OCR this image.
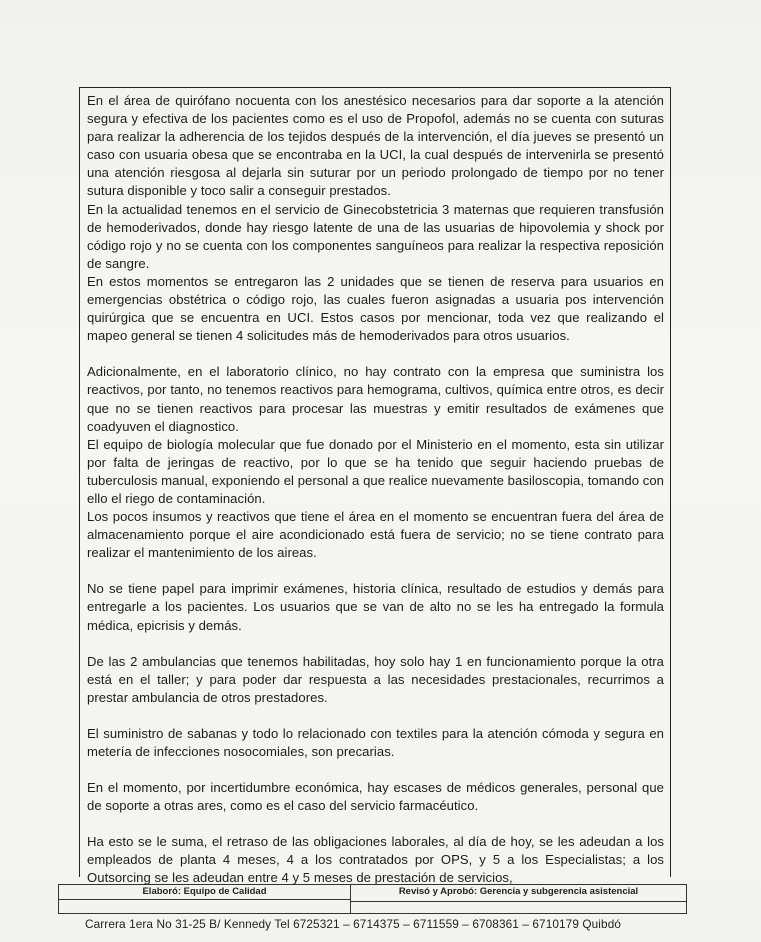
En el área de quirófano nocuenta con los anestésico necesarios para dar soporte a la atención segura y efectiva de los pacientes como es el uso de Propofol, además no se cuenta con suturas para realizar la adherencia de los tejidos después de la intervención, el día jueves se presentó un caso con usuaria obesa que se encontraba en la UCI, la cual después de intervenirla se presentó una atención riesgosa al dejarla sin suturar por un periodo prolongado de tiempo por no tener sutura disponible y toco salir a conseguir prestados.

En la actualidad tenemos en el servicio de Ginecobstetricia 3 maternas que requieren transfusión de hemoderivados, donde hay riesgo latente de una de las usuarias de hipovolemia y shock por código rojo y no se cuenta con los componentes sanguíneos para realizar la respectiva reposición de sangre.

En estos momentos se entregaron las 2 unidades que se tienen de reserva para usuarios en emergencias obstétrica o código rojo, las cuales fueron asignadas a usuaria pos intervención quirúrgica que se encuentra en UCI. Estos casos por mencionar, toda vez que realizando el mapeo general se tienen 4 solicitudes más de hemoderivados para otros usuarios.

Adicionalmente, en el laboratorio clínico, no hay contrato con la empresa que suministra los reactivos, por tanto, no tenemos reactivos para hemograma, cultivos, química entre otros, es decir que no se tienen reactivos para procesar las muestras y emitir resultados de exámenes que coadyuven el diagnostico.

El equipo de biología molecular que fue donado por el Ministerio en el momento, esta sin utilizar por falta de jeringas de reactivo, por lo que se ha tenido que seguir haciendo pruebas de tuberculosis manual, exponiendo el personal a que realice nuevamente basiloscopia, tomando con ello el riego de contaminación.

Los pocos insumos y reactivos que tiene el área en el momento se encuentran fuera del área de almacenamiento porque el aire acondicionado está fuera de servicio; no se tiene contrato para realizar el mantenimiento de los aireas.

No se tiene papel para imprimir exámenes, historia clínica, resultado de estudios y demás para entregarle a los pacientes. Los usuarios que se van de alto no se les ha entregado la formula médica, epicrisis y demás.

De las 2 ambulancias que tenemos habilitadas, hoy solo hay 1 en funcionamiento porque la otra está en el taller; y para poder dar respuesta a las necesidades prestacionales, recurrimos a prestar ambulancia de otros prestadores.

El suministro de sabanas y todo lo relacionado con textiles para la atención cómoda y segura en metería de infecciones nosocomiales, son precarias.

En el momento, por incertidumbre económica, hay escases de médicos generales, personal que de soporte a otras ares, como es el caso del servicio farmacéutico.

Ha esto se le suma, el retraso de las obligaciones laborales, al día de hoy, se les adeudan a los empleados de planta 4 meses, 4 a los contratados por OPS, y 5 a los Especialistas; a los Outsorcing se les adeudan entre 4 y 5 meses de prestación de servicios,

Elaboró: Equipo de Calidad	Revisó y Aprobó: Gerencia y subgerencia asistencial
Carrera 1era No 31-25 B/ Kennedy Tel 6725321 – 6714375 – 6711559 – 6708361 – 6710179 Quibdó
